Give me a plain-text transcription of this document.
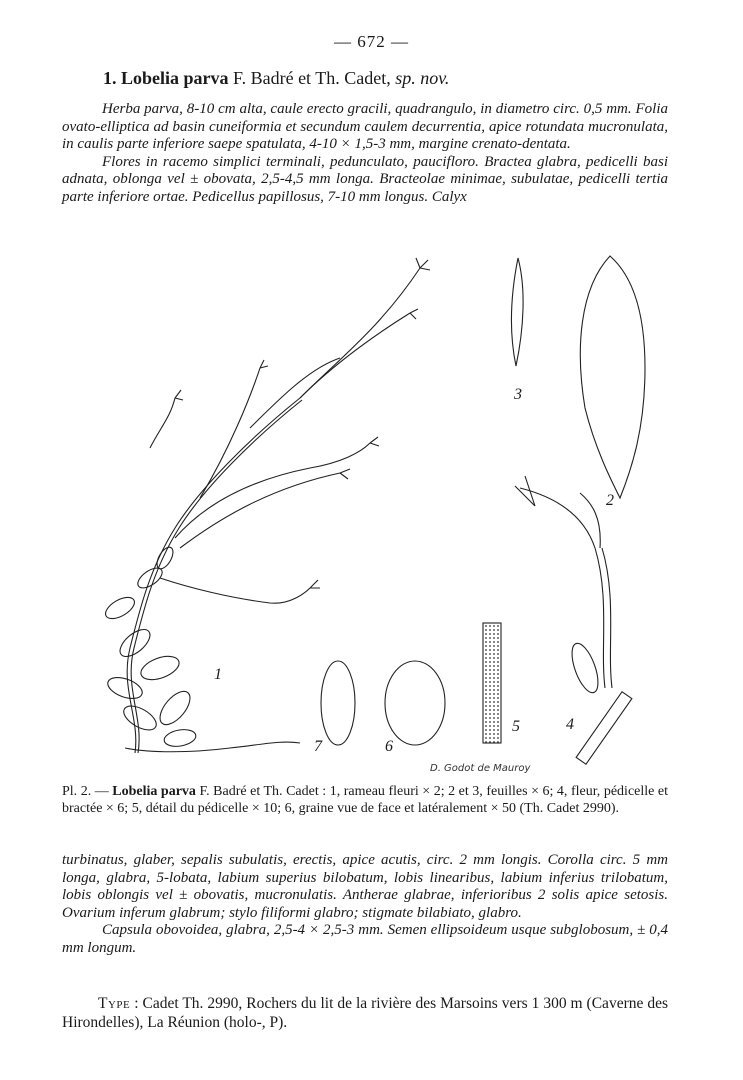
— 672 —
1. Lobelia parva F. Badré et Th. Cadet, sp. nov.

Herba parva, 8-10 cm alta, caule erecto gracili, quadrangulo, in diametro circ. 0,5 mm. Folia ovato-elliptica ad basin cuneiformia et secundum caulem decurrentia, apice rotundata mucronulata, in caulis parte inferiore saepe spatulata, 4-10 × 1,5-3 mm, margine crenato-dentata.

Flores in racemo simplici terminali, pedunculato, paucifloro. Bractea glabra, pedicelli basi adnata, oblonga vel ± obovata, 2,5-4,5 mm longa. Bracteolae minimae, subulatae, pedicelli tertia parte inferiore ortae. Pedicellus papillosus, 7-10 mm longus. Calyx

1
2
3
4
5
6
7
D. Godot de Mauroy
Pl. 2. — Lobelia parva F. Badré et Th. Cadet : 1, rameau fleuri × 2; 2 et 3, feuilles × 6; 4, fleur, pédicelle et bractée × 6; 5, détail du pédicelle × 10; 6, graine vue de face et latéralement × 50 (Th. Cadet 2990).

turbinatus, glaber, sepalis subulatis, erectis, apice acutis, circ. 2 mm longis. Corolla circ. 5 mm longa, glabra, 5-lobata, labium superius bilobatum, lobis linearibus, labium inferius trilobatum, lobis oblongis vel ± obovatis, mucronulatis. Antherae glabrae, inferioribus 2 solis apice setosis. Ovarium inferum glabrum; stylo filiformi glabro; stigmate bilabiato, glabro.

Capsula obovoidea, glabra, 2,5-4 × 2,5-3 mm. Semen ellipsoideum usque subglobosum, ± 0,4 mm longum.

Type : Cadet Th. 2990, Rochers du lit de la rivière des Marsoins vers 1 300 m (Caverne des Hirondelles), La Réunion (holo-, P).
